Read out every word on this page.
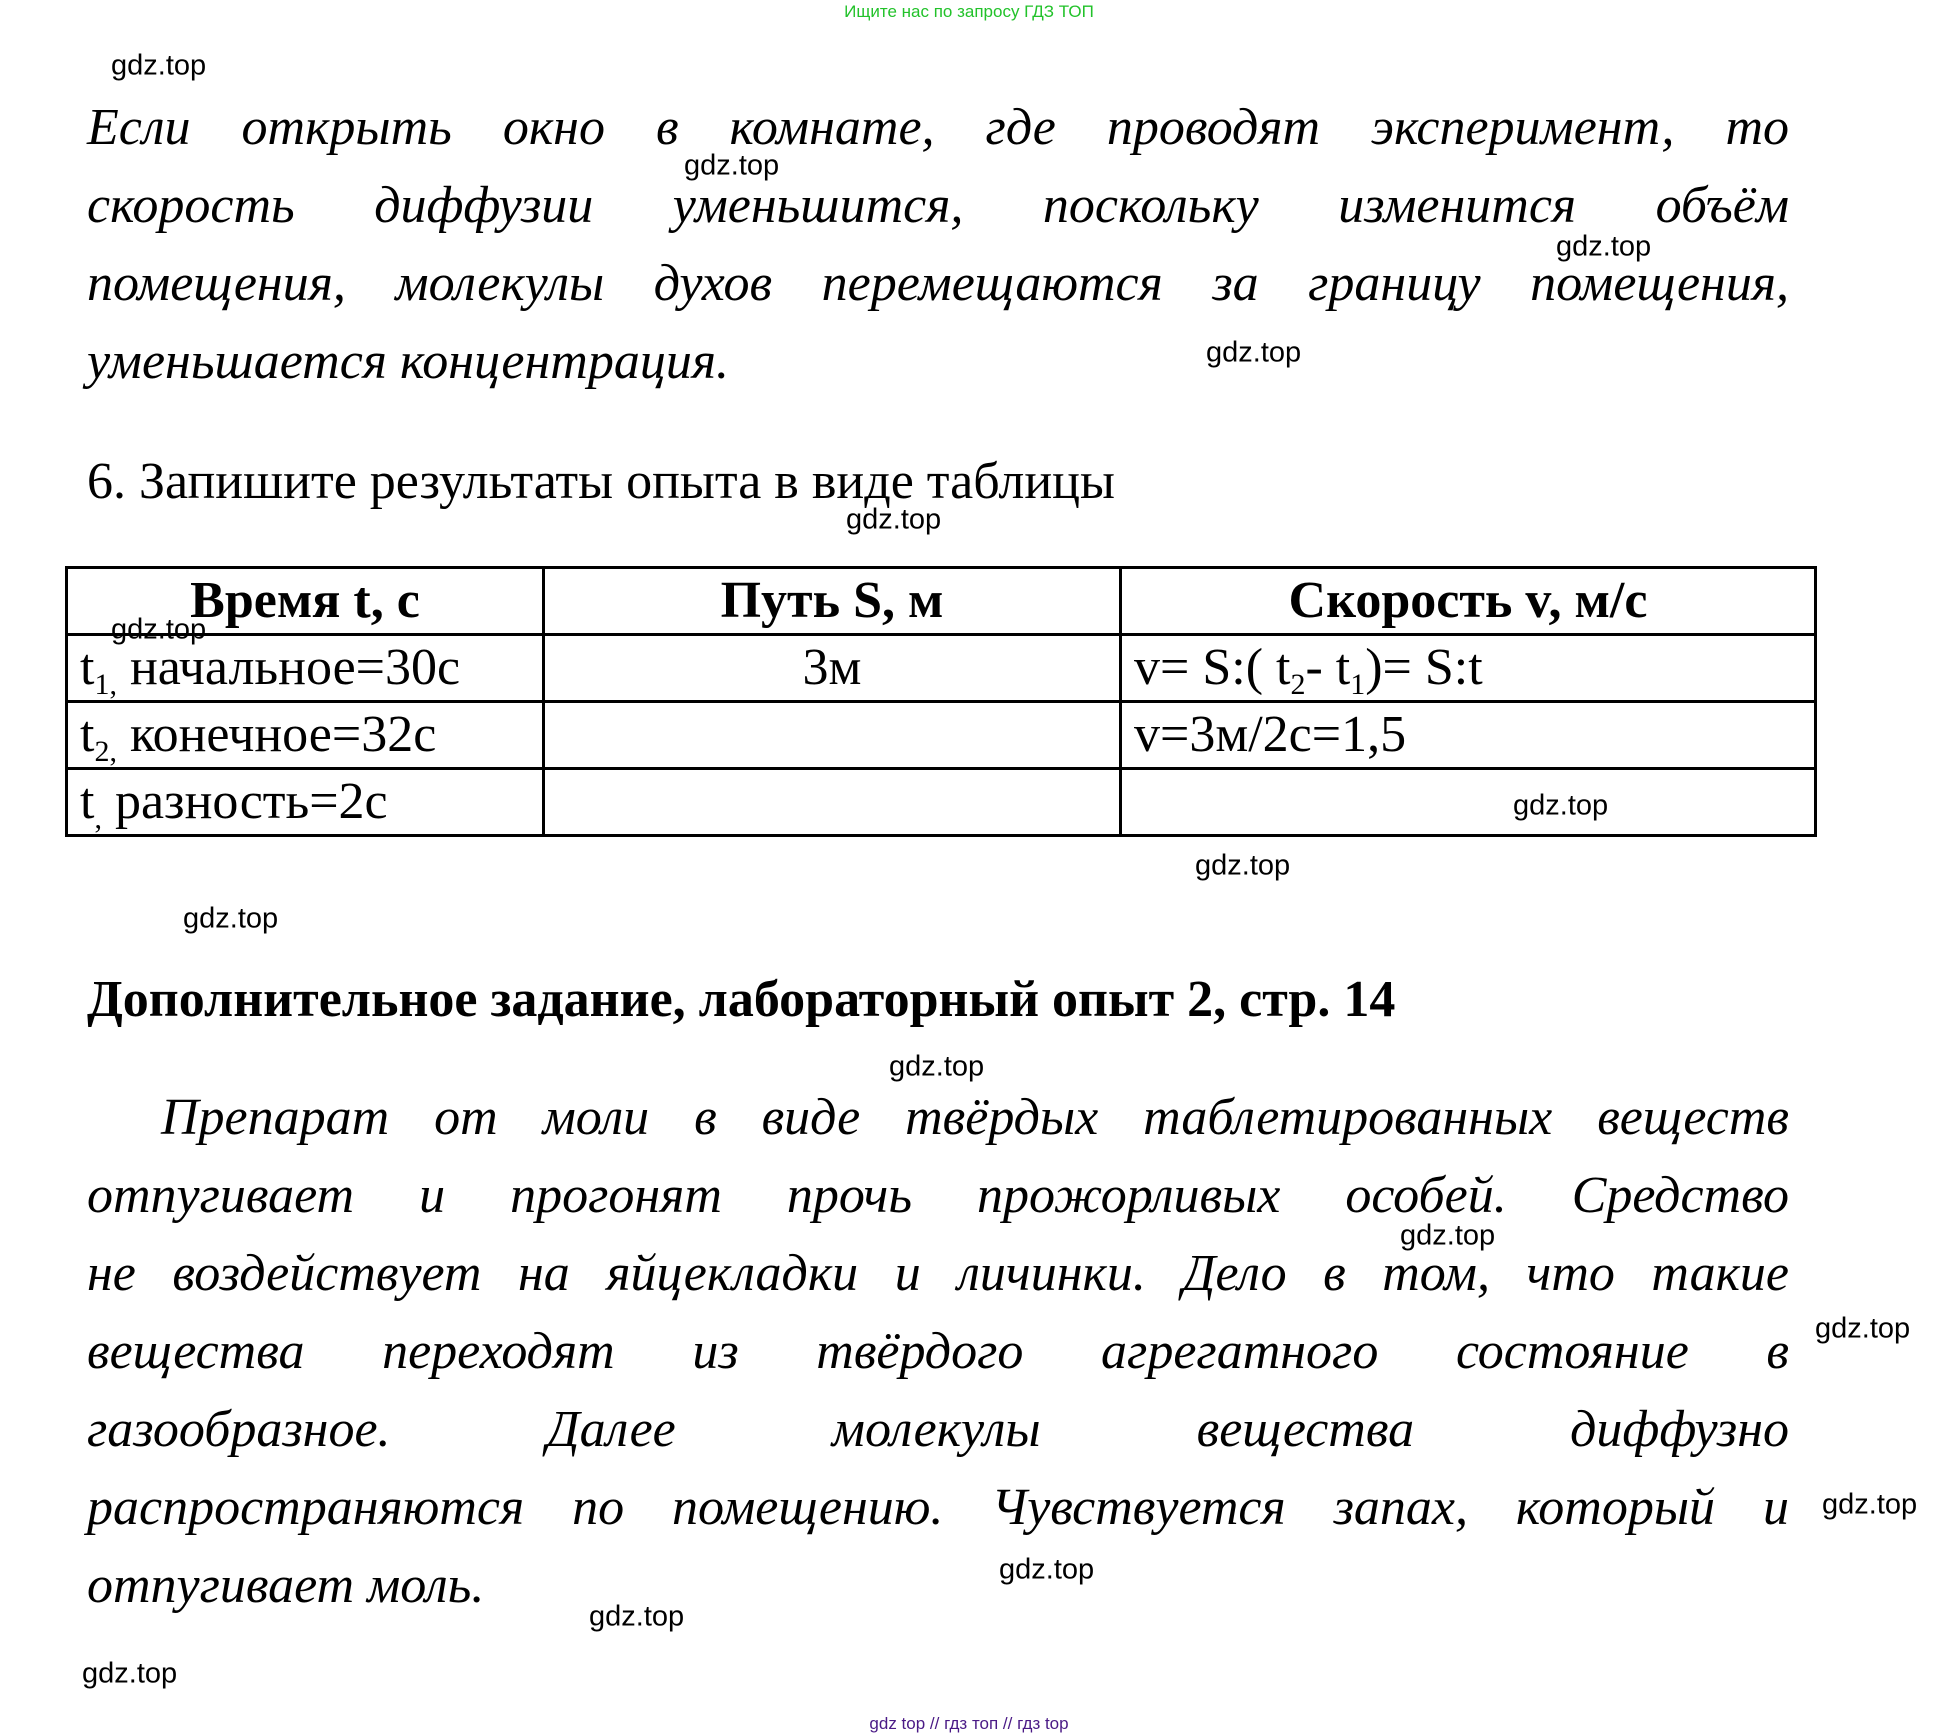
Ищите нас по запросу ГДЗ ТОП
Если открыть окно в комнате, где проводят эксперимент, то
скорость диффузии уменьшится, поскольку изменится объём
помещения, молекулы духов перемещаются за границу помещения,
уменьшается концентрация.
6. Запишите результаты опыта в виде таблицы
Время t, с	Путь S, м	Скорость v, м/с
$t_{1,}$ начальное=30с	3м	v= S:( $t_2-$ $t_1)=$ S:t
$t_{2,}$ конечное=32с		v=3м/2с=1,5
$t_,$ разность=2с		
Дополнительное задание, лабораторный опыт 2, стр. 14
Препарат от моли в виде твёрдых таблетированных веществ
отпугивает и прогонят прочь прожорливых особей. Средство
не воздействует на яйцекладки и личинки. Дело в том, что такие
вещества переходят из твёрдого агрегатного состояние в
газообразное. Далее молекулы вещества диффузно
распространяются по помещению. Чувствуется запах, который и
отпугивает моль.
gdz.top
gdz.top
gdz.top
gdz.top
gdz.top
gdz.top
gdz.top
gdz.top
gdz.top
gdz.top
gdz.top
gdz.top
gdz.top
gdz.top
gdz.top
gdz.top
gdz top // гдз топ // гдз top
